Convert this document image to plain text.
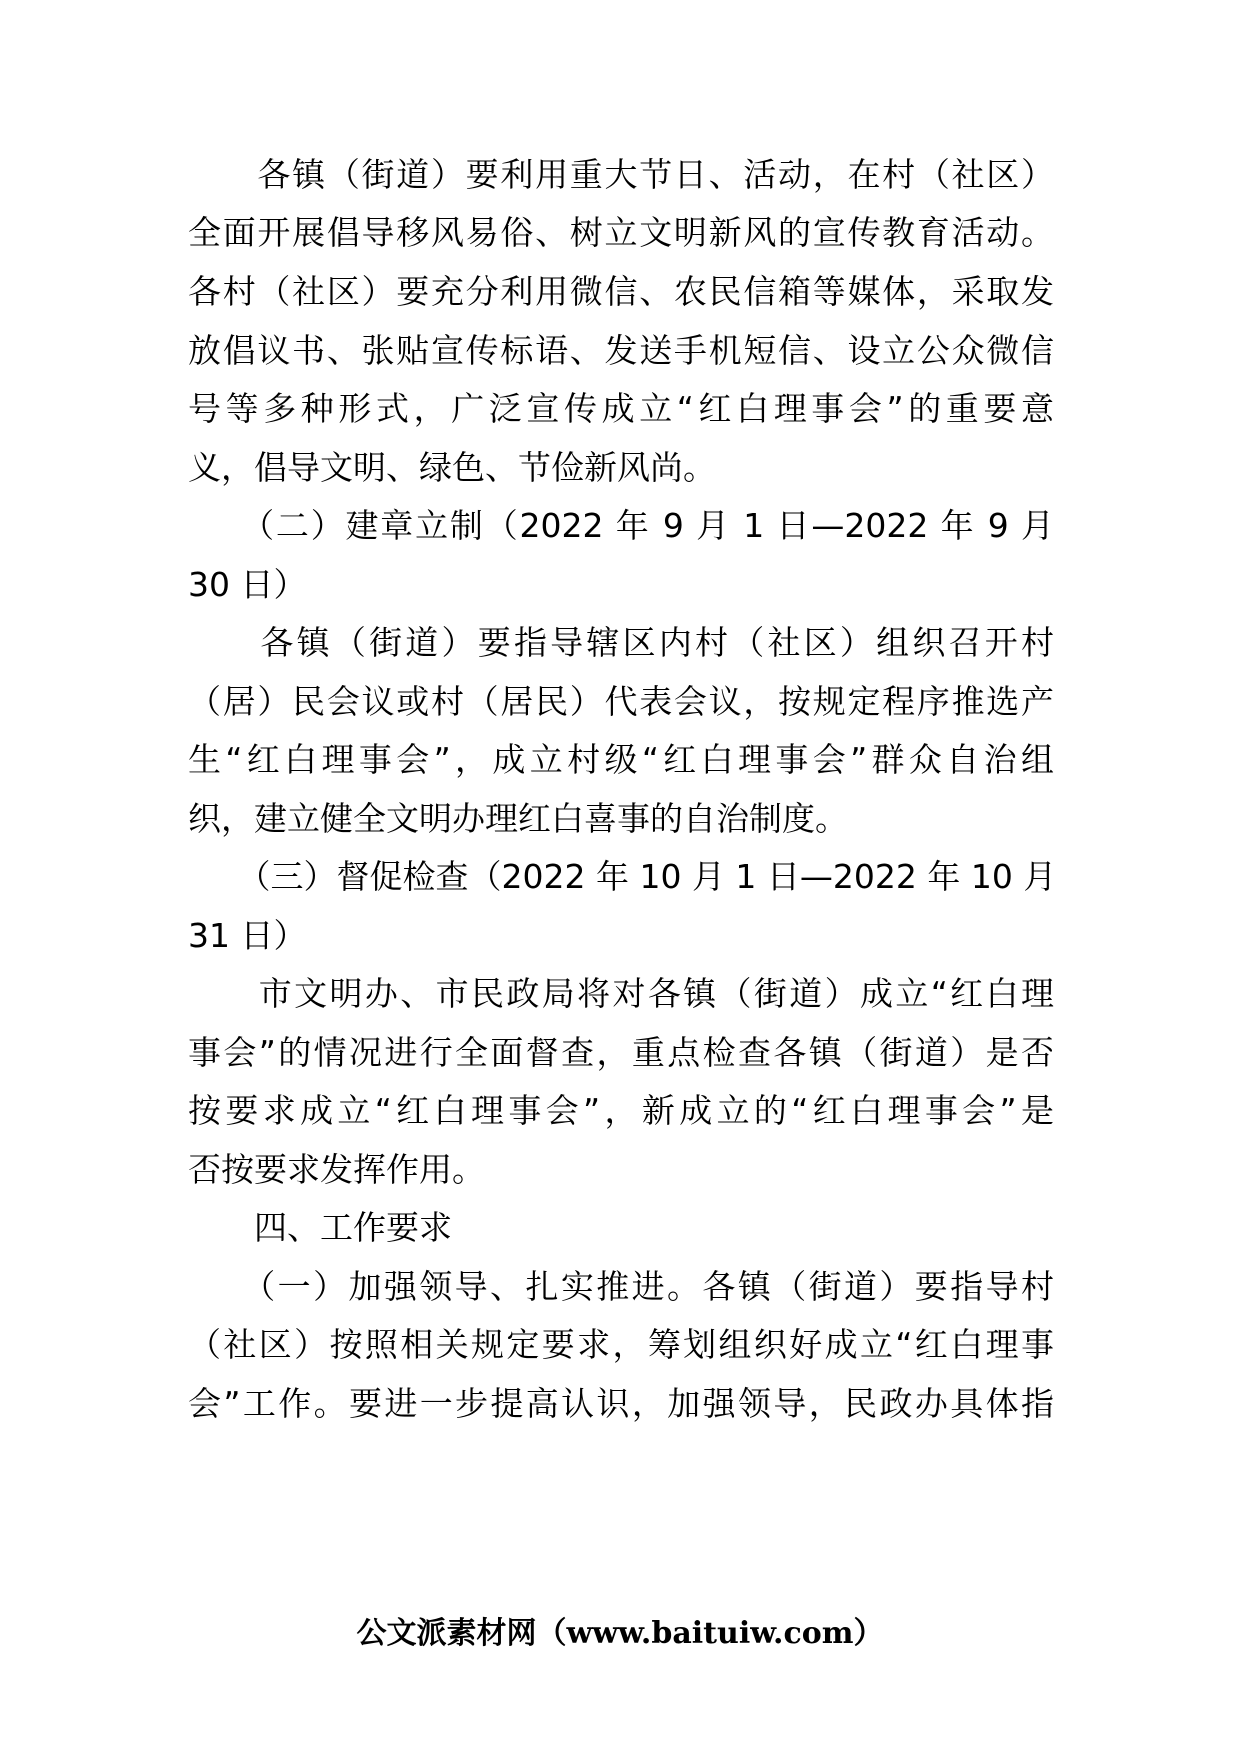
　　各镇（街道）要利用重大节日、活动，在村（社区）
全面开展倡导移风易俗、树立文明新风的宣传教育活动。
各村（社区）要充分利用微信、农民信箱等媒体，采取发
放倡议书、张贴宣传标语、发送手机短信、设立公众微信
号等多种形式，广泛宣传成立“红白理事会”的重要意
义，倡导文明、绿色、节俭新风尚。
　　（二）建章立制（2022 年 9 月 1 日—2022 年 9 月
30 日）
　　各镇（街道）要指导辖区内村（社区）组织召开村
（居）民会议或村（居民）代表会议，按规定程序推选产
生“红白理事会”，成立村级“红白理事会”群众自治组
织，建立健全文明办理红白喜事的自治制度。
　　（三）督促检查（2022 年 10 月 1 日—2022 年 10 月
31 日）
　　市文明办、市民政局将对各镇（街道）成立“红白理
事会”的情况进行全面督查，重点检查各镇（街道）是否
按要求成立“红白理事会”，新成立的“红白理事会”是
否按要求发挥作用。
　　四、工作要求
　　（一）加强领导、扎实推进。各镇（街道）要指导村
（社区）按照相关规定要求，筹划组织好成立“红白理事
会”工作。要进一步提高认识，加强领导，民政办具体指
公文派素材网（www.baituiw.com）
